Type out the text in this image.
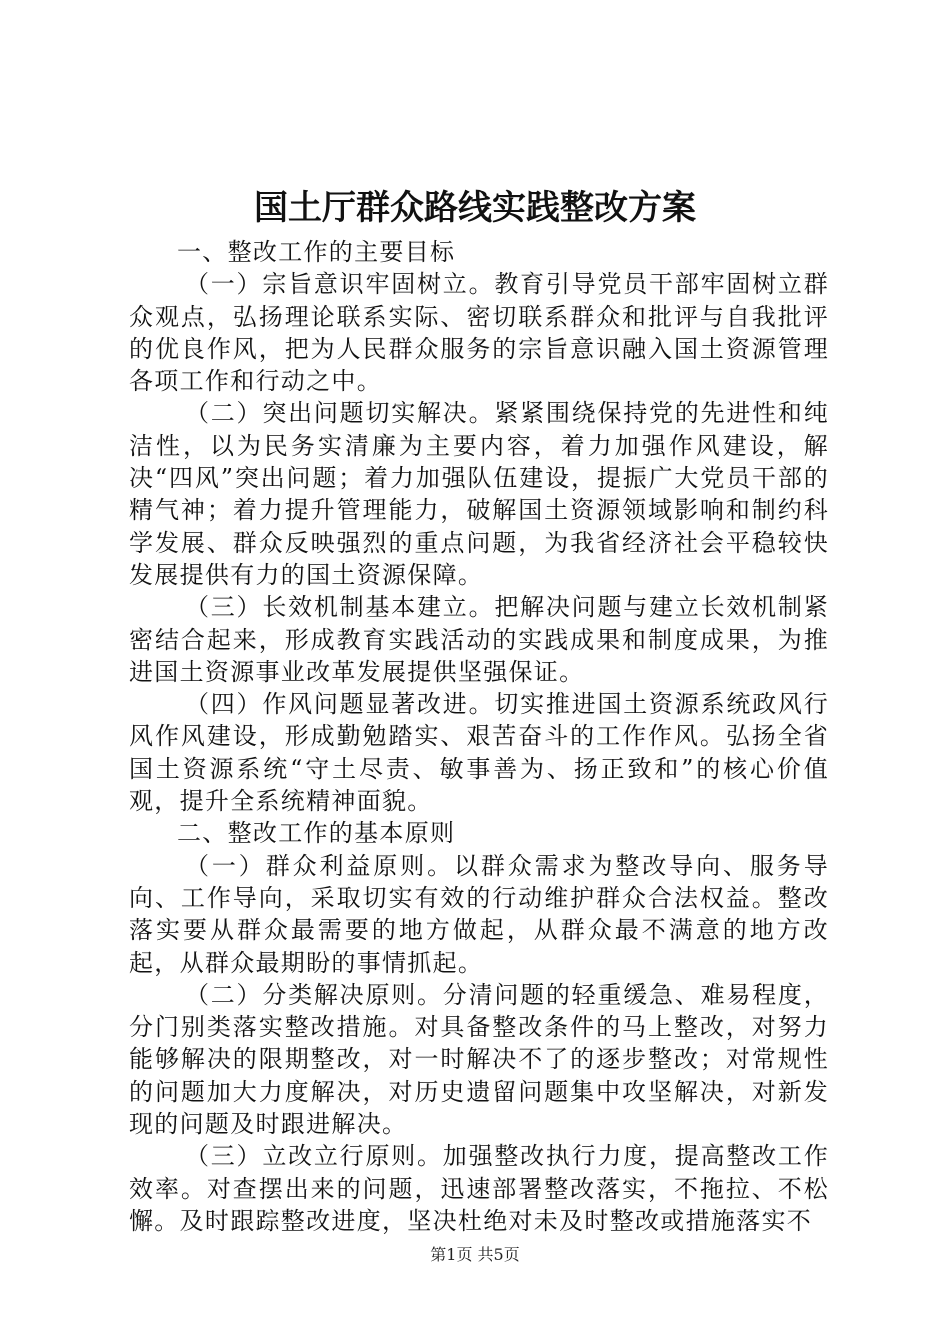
国土厅群众路线实践整改方案

一、整改工作的主要目标

（一）宗旨意识牢固树立。教育引导党员干部牢固树立群众观点，弘扬理论联系实际、密切联系群众和批评与自我批评的优良作风，把为人民群众服务的宗旨意识融入国土资源管理各项工作和行动之中。

（二）突出问题切实解决。紧紧围绕保持党的先进性和纯洁性，以为民务实清廉为主要内容，着力加强作风建设，解决“四风”突出问题；着力加强队伍建设，提振广大党员干部的精气神；着力提升管理能力，破解国土资源领域影响和制约科学发展、群众反映强烈的重点问题，为我省经济社会平稳较快发展提供有力的国土资源保障。

（三）长效机制基本建立。把解决问题与建立长效机制紧密结合起来，形成教育实践活动的实践成果和制度成果，为推进国土资源事业改革发展提供坚强保证。

（四）作风问题显著改进。切实推进国土资源系统政风行风作风建设，形成勤勉踏实、艰苦奋斗的工作作风。弘扬全省国土资源系统“守土尽责、敏事善为、扬正致和”的核心价值观，提升全系统精神面貌。

二、整改工作的基本原则

（一）群众利益原则。以群众需求为整改导向、服务导向、工作导向，采取切实有效的行动维护群众合法权益。整改落实要从群众最需要的地方做起，从群众最不满意的地方改起，从群众最期盼的事情抓起。

（二）分类解决原则。分清问题的轻重缓急、难易程度，分门别类落实整改措施。对具备整改条件的马上整改，对努力能够解决的限期整改，对一时解决不了的逐步整改；对常规性的问题加大力度解决，对历史遗留问题集中攻坚解决，对新发现的问题及时跟进解决。

（三）立改立行原则。加强整改执行力度，提高整改工作效率。对查摆出来的问题，迅速部署整改落实，不拖拉、不松懈。及时跟踪整改进度，坚决杜绝对未及时整改或措施落实不

第1页 共5页
